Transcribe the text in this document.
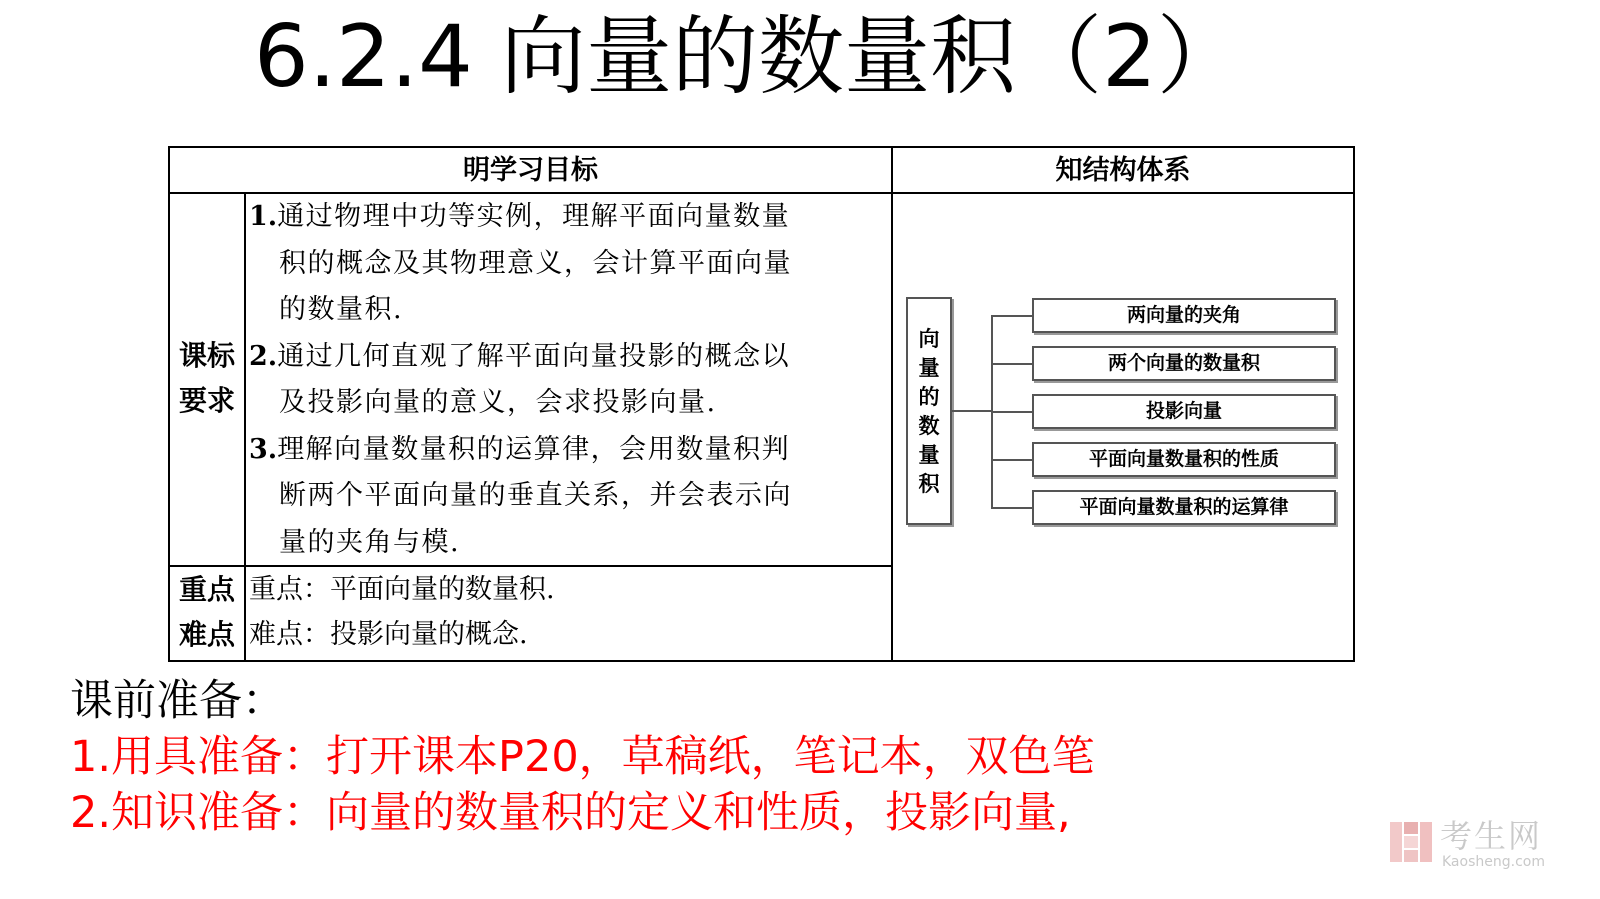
6.2.4 向量的数量积（2）
明学习目标	知结构体系
课标
要求
1.通过物理中功等实例，理解平面向量数量
积的概念及其物理意义，会计算平面向量
的数量积.
2.通过几何直观了解平面向量投影的概念以
及投影向量的意义，会求投影向量.
3.理解向量数量积的运算律，会用数量积判
断两个平面向量的垂直关系，并会表示向
量的夹角与模.
重点
难点
重点：平面向量的数量积.
难点：投影向量的概念.
向
量
的
数
量
积
两向量的夹角
两个向量的数量积
投影向量
平面向量数量积的性质
平面向量数量积的运算律
课前准备：
1.用具准备：打开课本P20，草稿纸，笔记本，双色笔
2.知识准备：向量的数量积的定义和性质，投影向量,	考生网
Kaosheng.com
